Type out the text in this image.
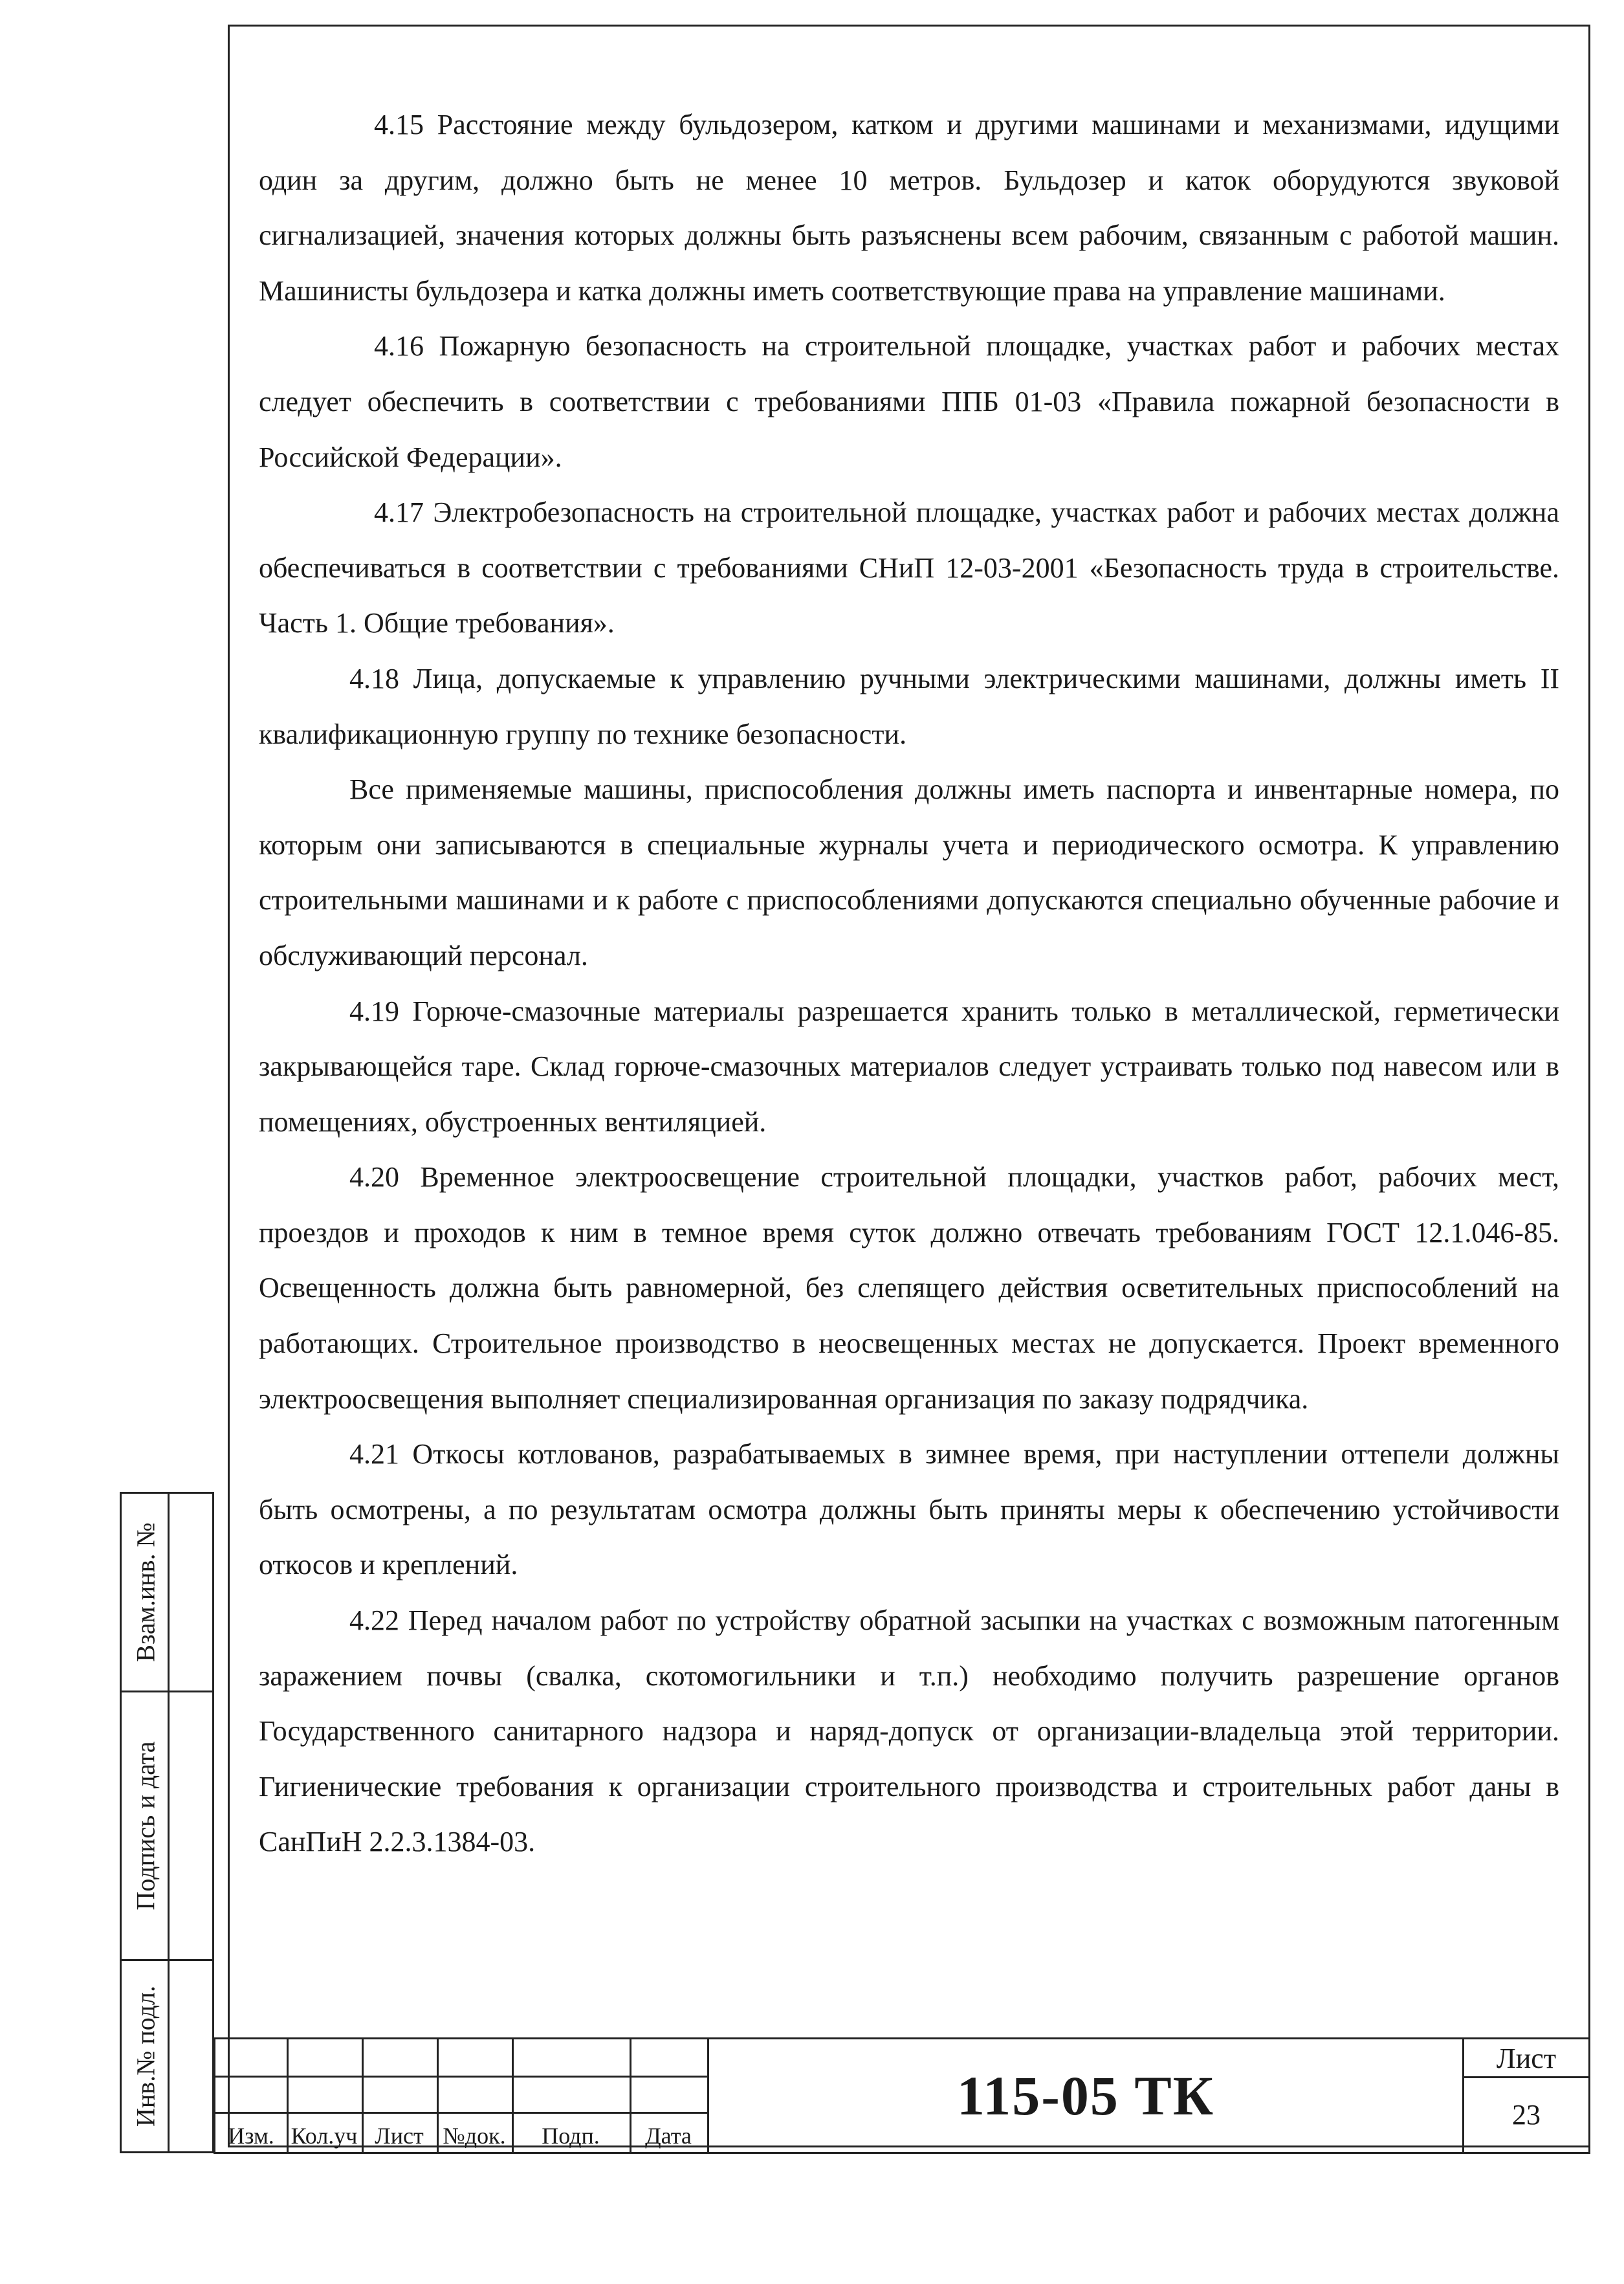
4.15 Расстояние между бульдозером, катком и другими машинами и механизмами, идущими один за другим, должно быть не менее 10 метров. Бульдозер и каток оборудуются звуковой сигнализацией, значения которых должны быть разъяснены всем рабочим, связанным с работой машин. Машинисты бульдозера и катка должны иметь соответствующие права на управление машинами.

4.16 Пожарную безопасность на строительной площадке, участках работ и рабочих местах следует обеспечить в соответствии с требованиями ППБ 01-03 «Правила пожарной безопасности в Российской Федерации».

4.17 Электробезопасность на строительной площадке, участках работ и рабочих местах должна обеспечиваться в соответствии с требованиями СНиП 12-03-2001 «Безопасность труда в строительстве. Часть 1. Общие требования».

4.18 Лица, допускаемые к управлению ручными электрическими машинами, должны иметь II квалификационную группу по технике безопасности.

Все применяемые машины, приспособления должны иметь паспорта и инвентарные номера, по которым они записываются в специальные журналы учета и периодического осмотра. К управлению строительными машинами и к работе с приспособлениями допускаются специально обученные рабочие и обслуживающий персонал.

4.19 Горюче-смазочные материалы разрешается хранить только в металлической, герметически закрывающейся таре. Склад горюче-смазочных материалов следует устраивать только под навесом или в помещениях, обустроенных вентиляцией.

4.20 Временное электроосвещение строительной площадки, участков работ, рабочих мест, проездов и проходов к ним в темное время суток должно отвечать требованиям ГОСТ 12.1.046-85. Освещенность должна быть равномерной, без слепящего действия осветительных приспособлений на работающих. Строительное производство в неосвещенных местах не допускается. Проект временного электроосвещения выполняет специализированная организация по заказу подрядчика.

4.21 Откосы котлованов, разрабатываемых в зимнее время, при наступлении оттепели должны быть осмотрены, а по результатам осмотра должны быть приняты меры к обеспечению устойчивости откосов и креплений.

4.22 Перед началом работ по устройству обратной засыпки на участках с возможным патогенным заражением почвы (свалка, скотомогильники и т.п.) необходимо получить разрешение органов Государственного санитарного надзора и наряд-допуск от организации-владельца этой территории. Гигиенические требования к организации строительного производства и строительных работ даны в СанПиН 2.2.3.1384-03.

Взам.инв. №
Подпись и дата
Инв.№ подл.
Изм. Кол.уч Лист №док.	Подп.	Дата
115-05 ТК
Лист
23
